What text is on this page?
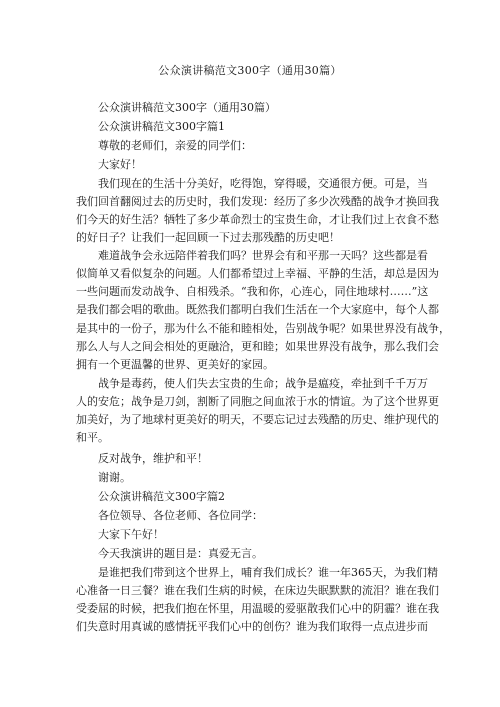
公众演讲稿范文300字（通用30篇）
公众演讲稿范文300字（通用30篇）
公众演讲稿范文300字篇1
尊敬的老师们，亲爱的同学们：
大家好！
我们现在的生活十分美好，吃得饱，穿得暖，交通很方便。可是，当
我们回首翻阅过去的历史时，我们发现：经历了多少次残酷的战争才换回我
们今天的好生活？牺牲了多少革命烈士的宝贵生命，才让我们过上衣食不愁
的好日子？让我们一起回顾一下过去那残酷的历史吧！
难道战争会永远陪伴着我们吗？世界会有和平那一天吗？这些都是看
似简单又看似复杂的问题。人们都希望过上幸福、平静的生活，却总是因为
一些问题而发动战争、自相残杀。“我和你，心连心，同住地球村……”这
是我们都会唱的歌曲。既然我们都明白我们生活在一个大家庭中，每个人都
是其中的一份子，那为什么不能和睦相处，告别战争呢？如果世界没有战争，
那么人与人之间会相处的更融洽，更和睦；如果世界没有战争，那么我们会
拥有一个更温馨的世界、更美好的家园。
战争是毒药，使人们失去宝贵的生命；战争是瘟疫，牵扯到千千万万
人的安危；战争是刀剑，割断了同胞之间血浓于水的情谊。为了这个世界更
加美好，为了地球村更美好的明天，不要忘记过去残酷的历史、维护现代的
和平。
反对战争，维护和平！
谢谢。
公众演讲稿范文300字篇2
各位领导、各位老师、各位同学：
大家下午好！
今天我演讲的题目是：真爱无言。
是谁把我们带到这个世界上，哺育我们成长？谁一年365天，为我们精
心准备一日三餐？谁在我们生病的时候，在床边失眠默默的流泪？谁在我们
受委屈的时候，把我们抱在怀里，用温暖的爱驱散我们心中的阴霾？谁在我
们失意时用真诚的感情抚平我们心中的创伤？谁为我们取得一点点进步而
